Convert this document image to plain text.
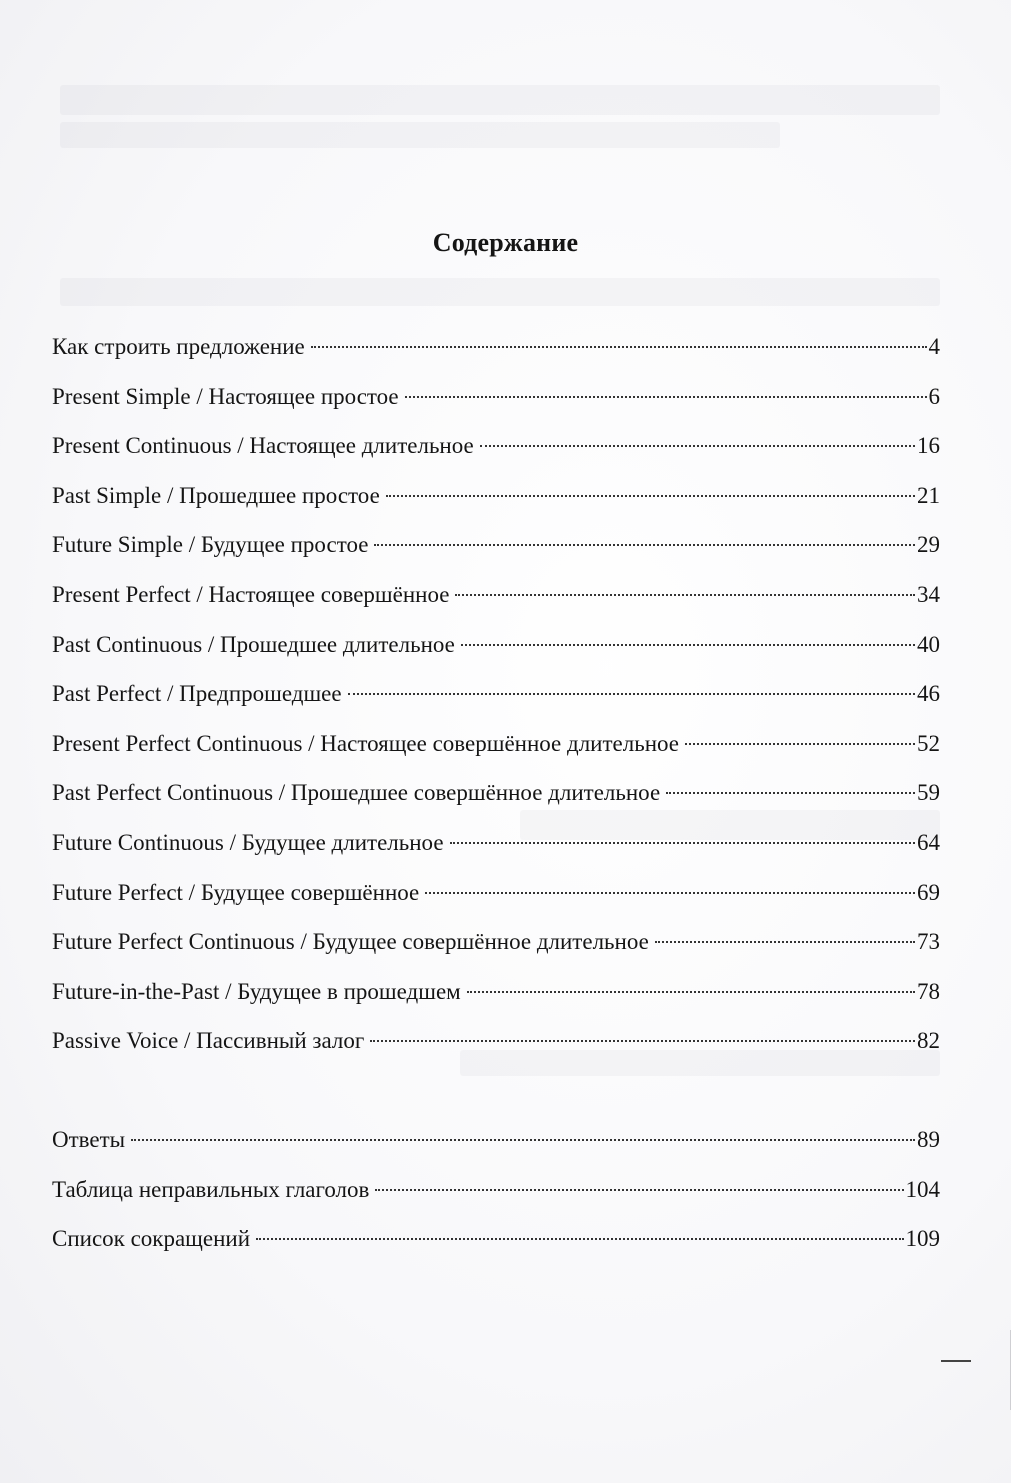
Содержание
Как строить предложение	4
Present Simple / Настоящее простое	6
Present Continuous / Настоящее длительное	16
Past Simple / Прошедшее простое	21
Future Simple / Будущее простое	29
Present Perfect / Настоящее совершённое	34
Past Continuous / Прошедшее длительное	40
Past Perfect / Предпрошедшее	46
Present Perfect Continuous / Настоящее совершённое длительное	52
Past Perfect Continuous / Прошедшее совершённое длительное	59
Future Continuous / Будущее длительное	64
Future Perfect / Будущее совершённое	69
Future Perfect Continuous / Будущее совершённое длительное	73
Future-in-the-Past / Будущее в прошедшем	78
Passive Voice / Пассивный залог	82
Ответы	89
Таблица неправильных глаголов	104
Список сокращений	109
